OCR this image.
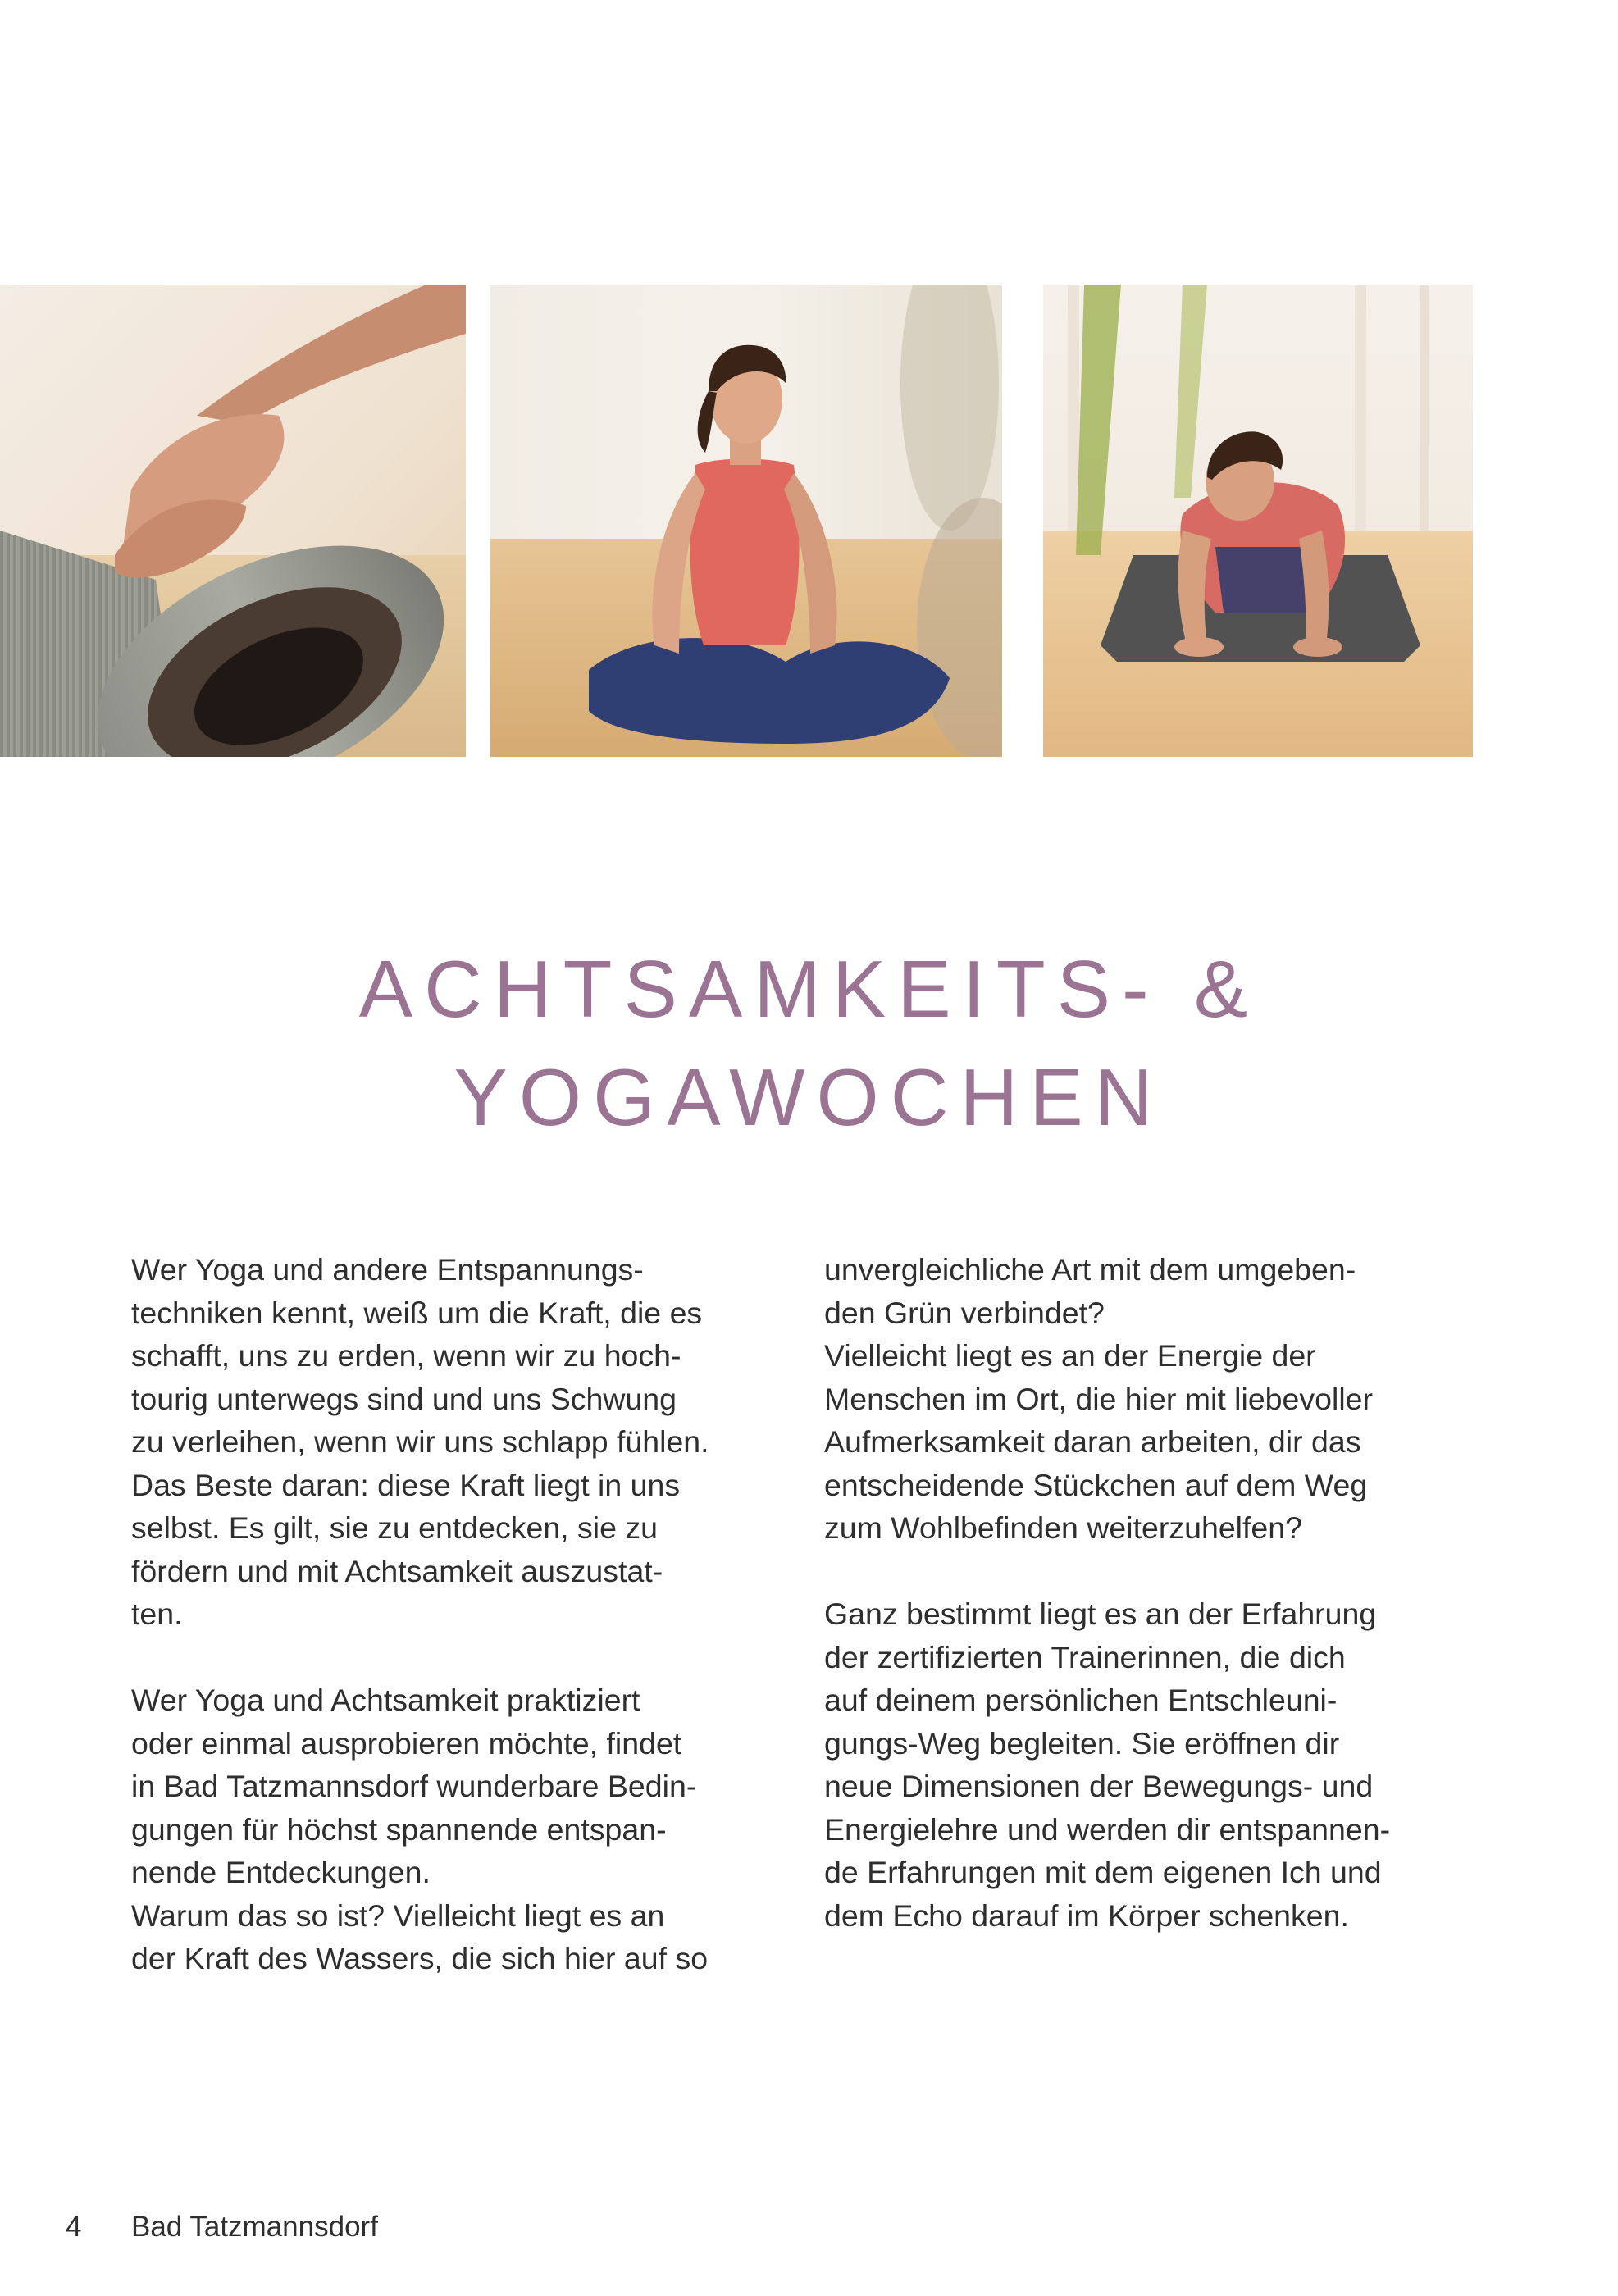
ACHTSAMKEITS- &
YOGAWOCHEN

Wer Yoga und andere Entspannungs-
techniken kennt, weiß um die Kraft, die es
schafft, uns zu erden, wenn wir zu hoch-
tourig unterwegs sind und uns Schwung
zu verleihen, wenn wir uns schlapp fühlen.
Das Beste daran: diese Kraft liegt in uns
selbst. Es gilt, sie zu entdecken, sie zu
fördern und mit Achtsamkeit auszustat-
ten.

Wer Yoga und Achtsamkeit praktiziert
oder einmal ausprobieren möchte, findet
in Bad Tatzmannsdorf wunderbare Bedin-
gungen für höchst spannende entspan-
nende Entdeckungen.
Warum das so ist? Vielleicht liegt es an
der Kraft des Wassers, die sich hier auf so

unvergleichliche Art mit dem umgeben-
den Grün verbindet?
Vielleicht liegt es an der Energie der
Menschen im Ort, die hier mit liebevoller
Aufmerksamkeit daran arbeiten, dir das
entscheidende Stückchen auf dem Weg
zum Wohlbefinden weiterzuhelfen?

Ganz bestimmt liegt es an der Erfahrung
der zertifizierten Trainerinnen, die dich
auf deinem persönlichen Entschleuni-
gungs-Weg begleiten. Sie eröffnen dir
neue Dimensionen der Bewegungs- und
Energielehre und werden dir entspannen-
de Erfahrungen mit dem eigenen Ich und
dem Echo darauf im Körper schenken.

4 Bad Tatzmannsdorf
